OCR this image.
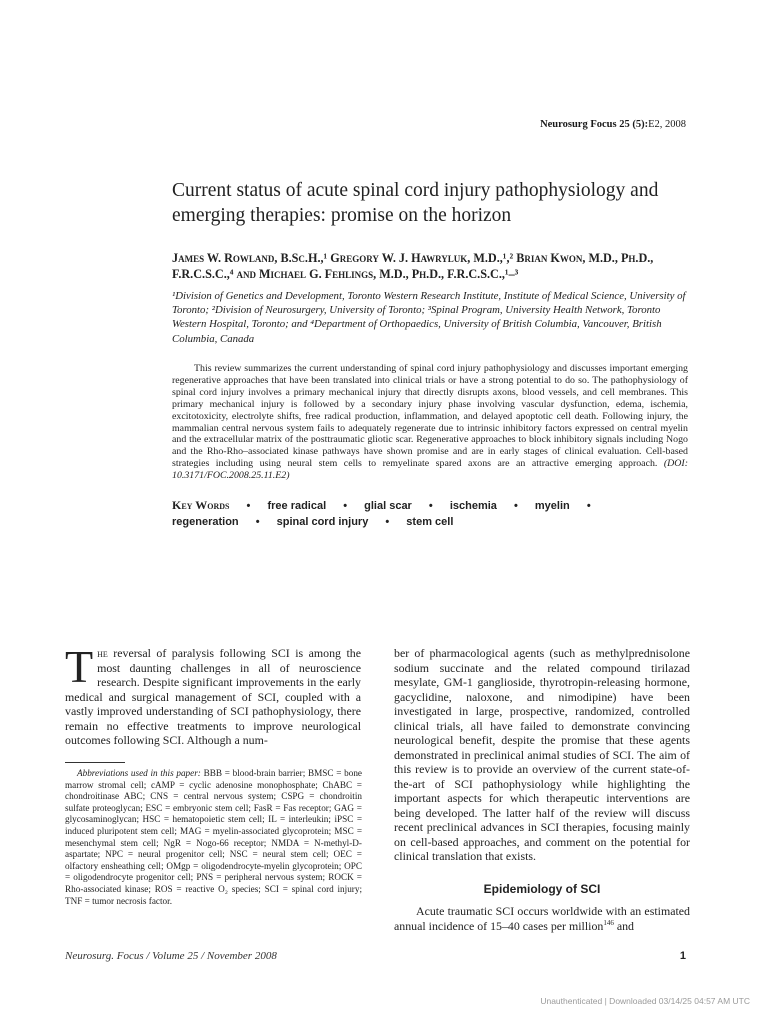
Neurosurg Focus 25 (5):E2, 2008
Current status of acute spinal cord injury pathophysiology and emerging therapies: promise on the horizon
James W. Rowland, B.Sc.H.,¹ Gregory W. J. Hawryluk, M.D.,¹,² Brian Kwon, M.D., Ph.D., F.R.C.S.C.,⁴ and Michael G. Fehlings, M.D., Ph.D., F.R.C.S.C.,¹–³
¹Division of Genetics and Development, Toronto Western Research Institute, Institute of Medical Science, University of Toronto; ²Division of Neurosurgery, University of Toronto; ³Spinal Program, University Health Network, Toronto Western Hospital, Toronto; and ⁴Department of Orthopaedics, University of British Columbia, Vancouver, British Columbia, Canada
This review summarizes the current understanding of spinal cord injury pathophysiology and discusses important emerging regenerative approaches that have been translated into clinical trials or have a strong potential to do so. The pathophysiology of spinal cord injury involves a primary mechanical injury that directly disrupts axons, blood vessels, and cell membranes. This primary mechanical injury is followed by a secondary injury phase involving vascular dysfunction, edema, ischemia, excitotoxicity, electrolyte shifts, free radical production, inflammation, and delayed apoptotic cell death. Following injury, the mammalian central nervous system fails to adequately regenerate due to intrinsic inhibitory factors expressed on central myelin and the extracellular matrix of the posttraumatic gliotic scar. Regenerative approaches to block inhibitory signals including Nogo and the Rho-Rho–associated kinase pathways have shown promise and are in early stages of clinical evaluation. Cell-based strategies including using neural stem cells to remyelinate spared axons are an attractive emerging approach. (DOI: 10.3171/FOC.2008.25.11.E2)
Key Words • free radical • glial scar • ischemia • myelin •
regeneration • spinal cord injury • stem cell
The reversal of paralysis following SCI is among the most daunting challenges in all of neuroscience research. Despite significant improvements in the early medical and surgical management of SCI, coupled with a vastly improved understanding of SCI pathophysiology, there remain no effective treatments to improve neurological outcomes following SCI. Although a num-
Abbreviations used in this paper: BBB = blood-brain barrier; BMSC = bone marrow stromal cell; cAMP = cyclic adenosine monophosphate; ChABC = chondroitinase ABC; CNS = central nervous system; CSPG = chondroitin sulfate proteoglycan; ESC = embryonic stem cell; FasR = Fas receptor; GAG = glycosaminoglycan; HSC = hematopoietic stem cell; IL = interleukin; iPSC = induced pluripotent stem cell; MAG = myelin-associated glycoprotein; MSC = mesenchymal stem cell; NgR = Nogo-66 receptor; NMDA = N-methyl-D-aspartate; NPC = neural progenitor cell; NSC = neural stem cell; OEC = olfactory ensheathing cell; OMgp = oligodendrocyte-myelin glycoprotein; OPC = oligodendrocyte progenitor cell; PNS = peripheral nervous system; ROCK = Rho-associated kinase; ROS = reactive O₂ species; SCI = spinal cord injury; TNF = tumor necrosis factor.
ber of pharmacological agents (such as methylprednisolone sodium succinate and the related compound tirilazad mesylate, GM-1 ganglioside, thyrotropin-releasing hormone, gacyclidine, naloxone, and nimodipine) have been investigated in large, prospective, randomized, controlled clinical trials, all have failed to demonstrate convincing neurological benefit, despite the promise that these agents demonstrated in preclinical animal studies of SCI. The aim of this review is to provide an overview of the current state-of-the-art of SCI pathophysiology while highlighting the important aspects for which therapeutic interventions are being developed. The latter half of the review will discuss recent preclinical advances in SCI therapies, focusing mainly on cell-based approaches, and comment on the potential for clinical translation that exists.
Epidemiology of SCI
Acute traumatic SCI occurs worldwide with an estimated annual incidence of 15–40 cases per million$^{146}$ and
Neurosurg. Focus / Volume 25 / November 2008	1
Unauthenticated | Downloaded 03/14/25 04:57 AM UTC
